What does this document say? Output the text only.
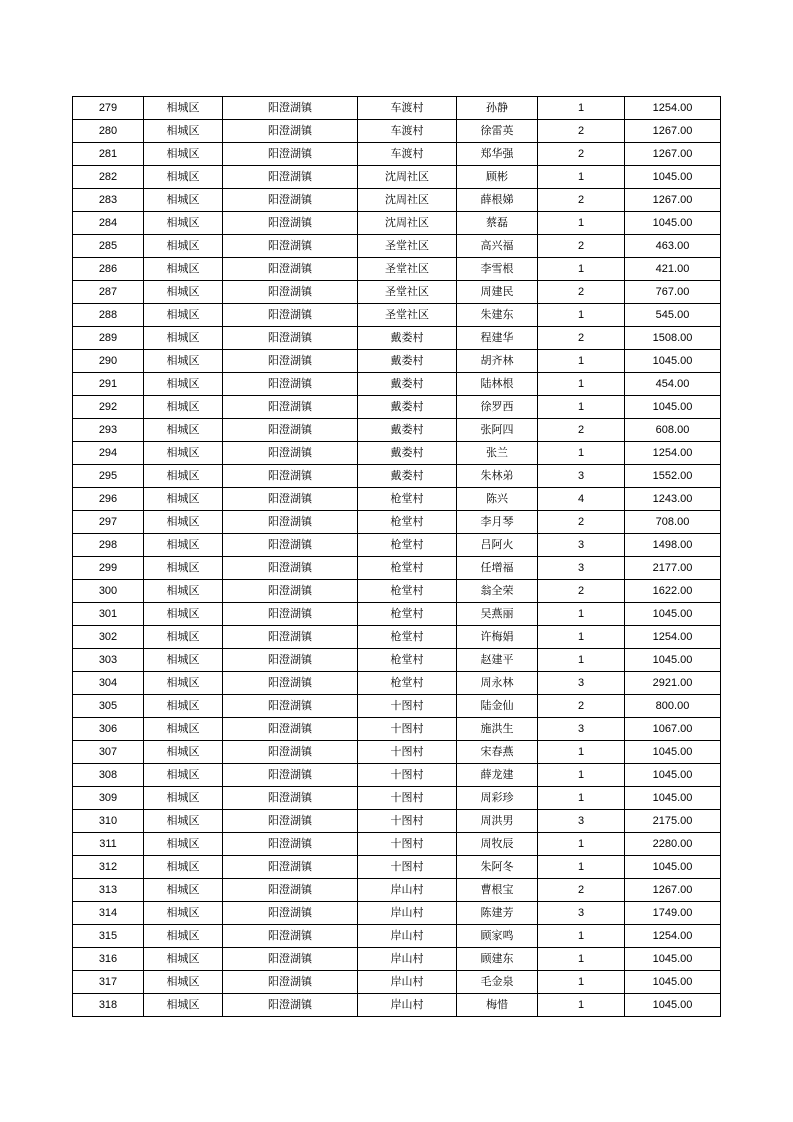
279	相城区	阳澄湖镇	车渡村	孙静	1	1254.00
280	相城区	阳澄湖镇	车渡村	徐雷英	2	1267.00
281	相城区	阳澄湖镇	车渡村	郑华强	2	1267.00
282	相城区	阳澄湖镇	沈周社区	顾彬	1	1045.00
283	相城区	阳澄湖镇	沈周社区	薛根娣	2	1267.00
284	相城区	阳澄湖镇	沈周社区	蔡磊	1	1045.00
285	相城区	阳澄湖镇	圣堂社区	高兴福	2	463.00
286	相城区	阳澄湖镇	圣堂社区	李雪根	1	421.00
287	相城区	阳澄湖镇	圣堂社区	周建民	2	767.00
288	相城区	阳澄湖镇	圣堂社区	朱建东	1	545.00
289	相城区	阳澄湖镇	戴娄村	程建华	2	1508.00
290	相城区	阳澄湖镇	戴娄村	胡齐林	1	1045.00
291	相城区	阳澄湖镇	戴娄村	陆林根	1	454.00
292	相城区	阳澄湖镇	戴娄村	徐罗西	1	1045.00
293	相城区	阳澄湖镇	戴娄村	张阿四	2	608.00
294	相城区	阳澄湖镇	戴娄村	张兰	1	1254.00
295	相城区	阳澄湖镇	戴娄村	朱林弟	3	1552.00
296	相城区	阳澄湖镇	枪堂村	陈兴	4	1243.00
297	相城区	阳澄湖镇	枪堂村	李月琴	2	708.00
298	相城区	阳澄湖镇	枪堂村	吕阿火	3	1498.00
299	相城区	阳澄湖镇	枪堂村	任增福	3	2177.00
300	相城区	阳澄湖镇	枪堂村	翁全荣	2	1622.00
301	相城区	阳澄湖镇	枪堂村	吴燕丽	1	1045.00
302	相城区	阳澄湖镇	枪堂村	许梅娟	1	1254.00
303	相城区	阳澄湖镇	枪堂村	赵建平	1	1045.00
304	相城区	阳澄湖镇	枪堂村	周永林	3	2921.00
305	相城区	阳澄湖镇	十图村	陆金仙	2	800.00
306	相城区	阳澄湖镇	十图村	施洪生	3	1067.00
307	相城区	阳澄湖镇	十图村	宋春燕	1	1045.00
308	相城区	阳澄湖镇	十图村	薛龙建	1	1045.00
309	相城区	阳澄湖镇	十图村	周彩珍	1	1045.00
310	相城区	阳澄湖镇	十图村	周洪男	3	2175.00
311	相城区	阳澄湖镇	十图村	周牧辰	1	2280.00
312	相城区	阳澄湖镇	十图村	朱阿冬	1	1045.00
313	相城区	阳澄湖镇	岸山村	曹根宝	2	1267.00
314	相城区	阳澄湖镇	岸山村	陈建芳	3	1749.00
315	相城区	阳澄湖镇	岸山村	顾家鸣	1	1254.00
316	相城区	阳澄湖镇	岸山村	顾建东	1	1045.00
317	相城区	阳澄湖镇	岸山村	毛金泉	1	1045.00
318	相城区	阳澄湖镇	岸山村	梅惜	1	1045.00
